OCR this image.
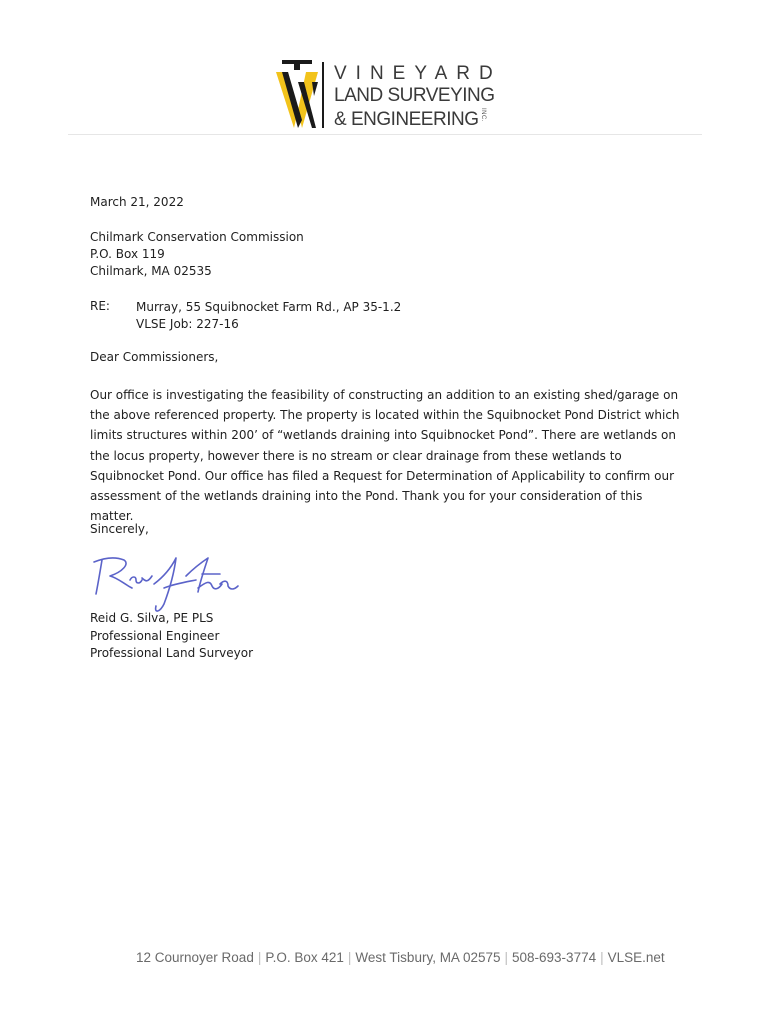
VINEYARD
LAND SURVEYING
& ENGINEERING INC.
March 21, 2022
Chilmark Conservation Commission
P.O. Box 119
Chilmark, MA 02535
RE: Murray, 55 Squibnocket Farm Rd., AP 35-1.2
VLSE Job: 227-16
Dear Commissioners,
Our office is investigating the feasibility of constructing an addition to an existing shed/garage on the above referenced property. The property is located within the Squibnocket Pond District which limits structures within 200’ of “wetlands draining into Squibnocket Pond”. There are wetlands on the locus property, however there is no stream or clear drainage from these wetlands to Squibnocket Pond. Our office has filed a Request for Determination of Applicability to confirm our assessment of the wetlands draining into the Pond. Thank you for your consideration of this matter.
Sincerely,
Reid G. Silva, PE PLS
Professional Engineer
Professional Land Surveyor
12 Cournoyer Road | P.O. Box 421 | West Tisbury, MA 02575 | 508-693-3774 | VLSE.net
